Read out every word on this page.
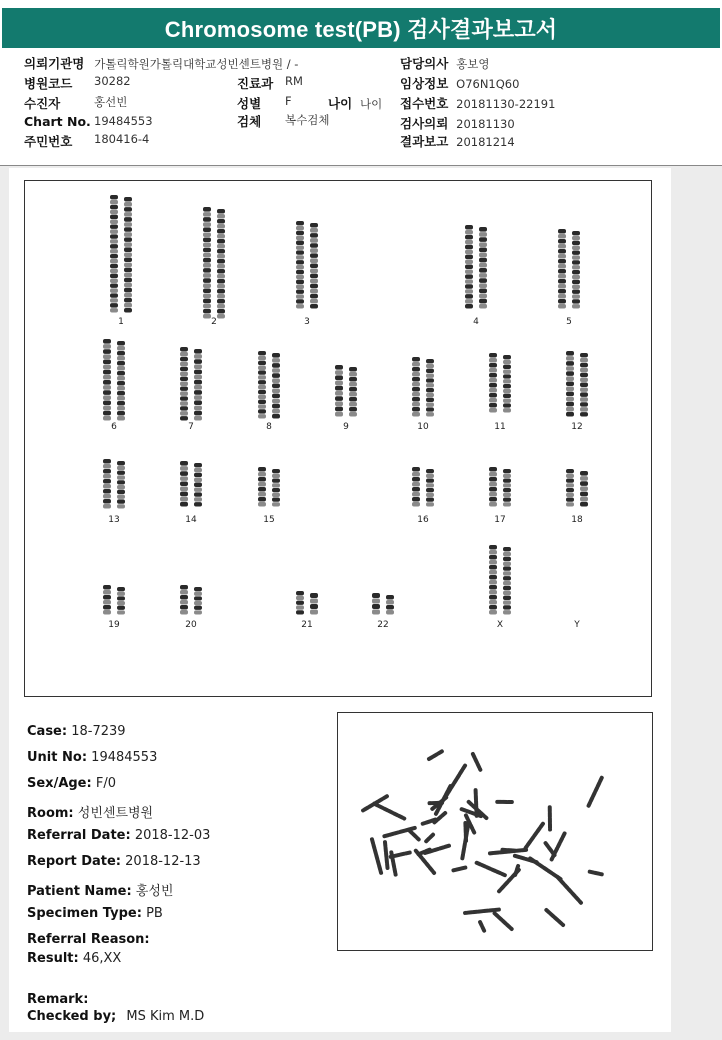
Chromosome test(PB) 검사결과보고서
의뢰기관명 가톨릭학원가톨릭대학교성빈센트병원 / -	담당의사 홍보영
병원코드 30282	진료과 RM	임상정보 O76N1Q60
수진자	홍선빈	성별 F	나이 나이 접수번호 20181130-22191
Chart No. 19484553	검체 복수검체	검사의뢰 20181130
주민번호 180416-4	결과보고 20181214
1	2	3	4	5
6	7	8	9	10	11	12
13	14	15	16	17	18
19	20	21	22	X	Y
Case: 18-7239
Unit No: 19484553
Sex/Age: F/0
Room: 성빈센트병원
Referral Date: 2018-12-03
Report Date: 2018-12-13
Patient Name: 홍성빈
Specimen Type: PB
Referral Reason:
Result: 46,XX
Remark:
Checked by; MS Kim M.D
